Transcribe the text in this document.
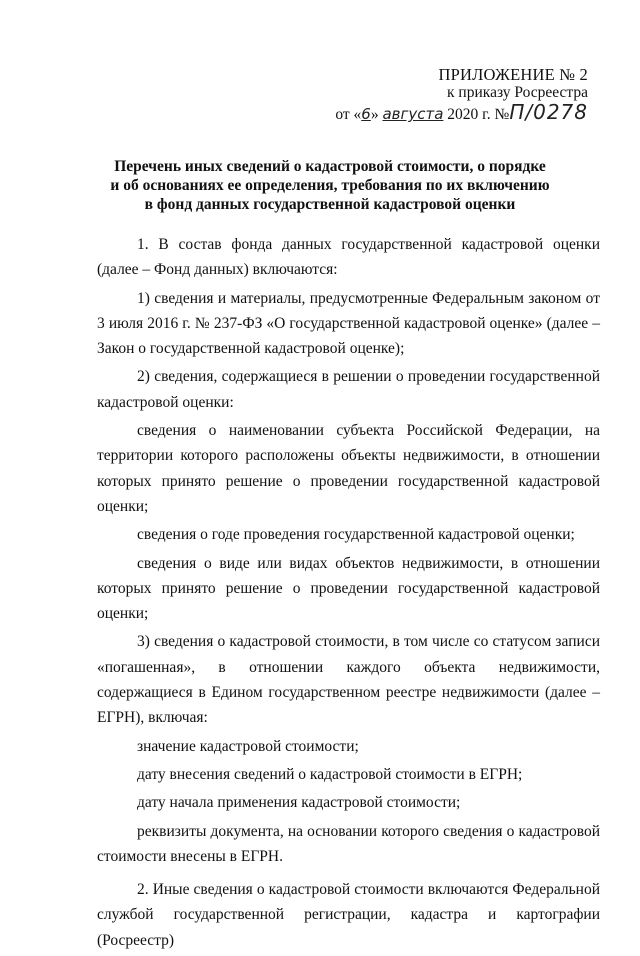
ПРИЛОЖЕНИЕ № 2
к приказу Росреестра
от «6» августа 2020 г. №П/0278
Перечень иных сведений о кадастровой стоимости, о порядке
и об основаниях ее определения, требования по их включению
в фонд данных государственной кадастровой оценки

1. В состав фонда данных государственной кадастровой оценки (далее – Фонд данных) включаются:

1) сведения и материалы, предусмотренные Федеральным законом от 3 июля 2016 г. № 237-ФЗ «О государственной кадастровой оценке» (далее – Закон о государственной кадастровой оценке);

2) сведения, содержащиеся в решении о проведении государственной кадастровой оценки:

сведения о наименовании субъекта Российской Федерации, на территории которого расположены объекты недвижимости, в отношении которых принято решение о проведении государственной кадастровой оценки;

сведения о годе проведения государственной кадастровой оценки;

сведения о виде или видах объектов недвижимости, в отношении которых принято решение о проведении государственной кадастровой оценки;

3) сведения о кадастровой стоимости, в том числе со статусом записи «погашенная», в отношении каждого объекта недвижимости, содержащиеся в Едином государственном реестре недвижимости (далее – ЕГРН), включая:

значение кадастровой стоимости;

дату внесения сведений о кадастровой стоимости в ЕГРН;

дату начала применения кадастровой стоимости;

реквизиты документа, на основании которого сведения о кадастровой стоимости внесены в ЕГРН.

2. Иные сведения о кадастровой стоимости включаются Федеральной службой государственной регистрации, кадастра и картографии (Росреестр)
